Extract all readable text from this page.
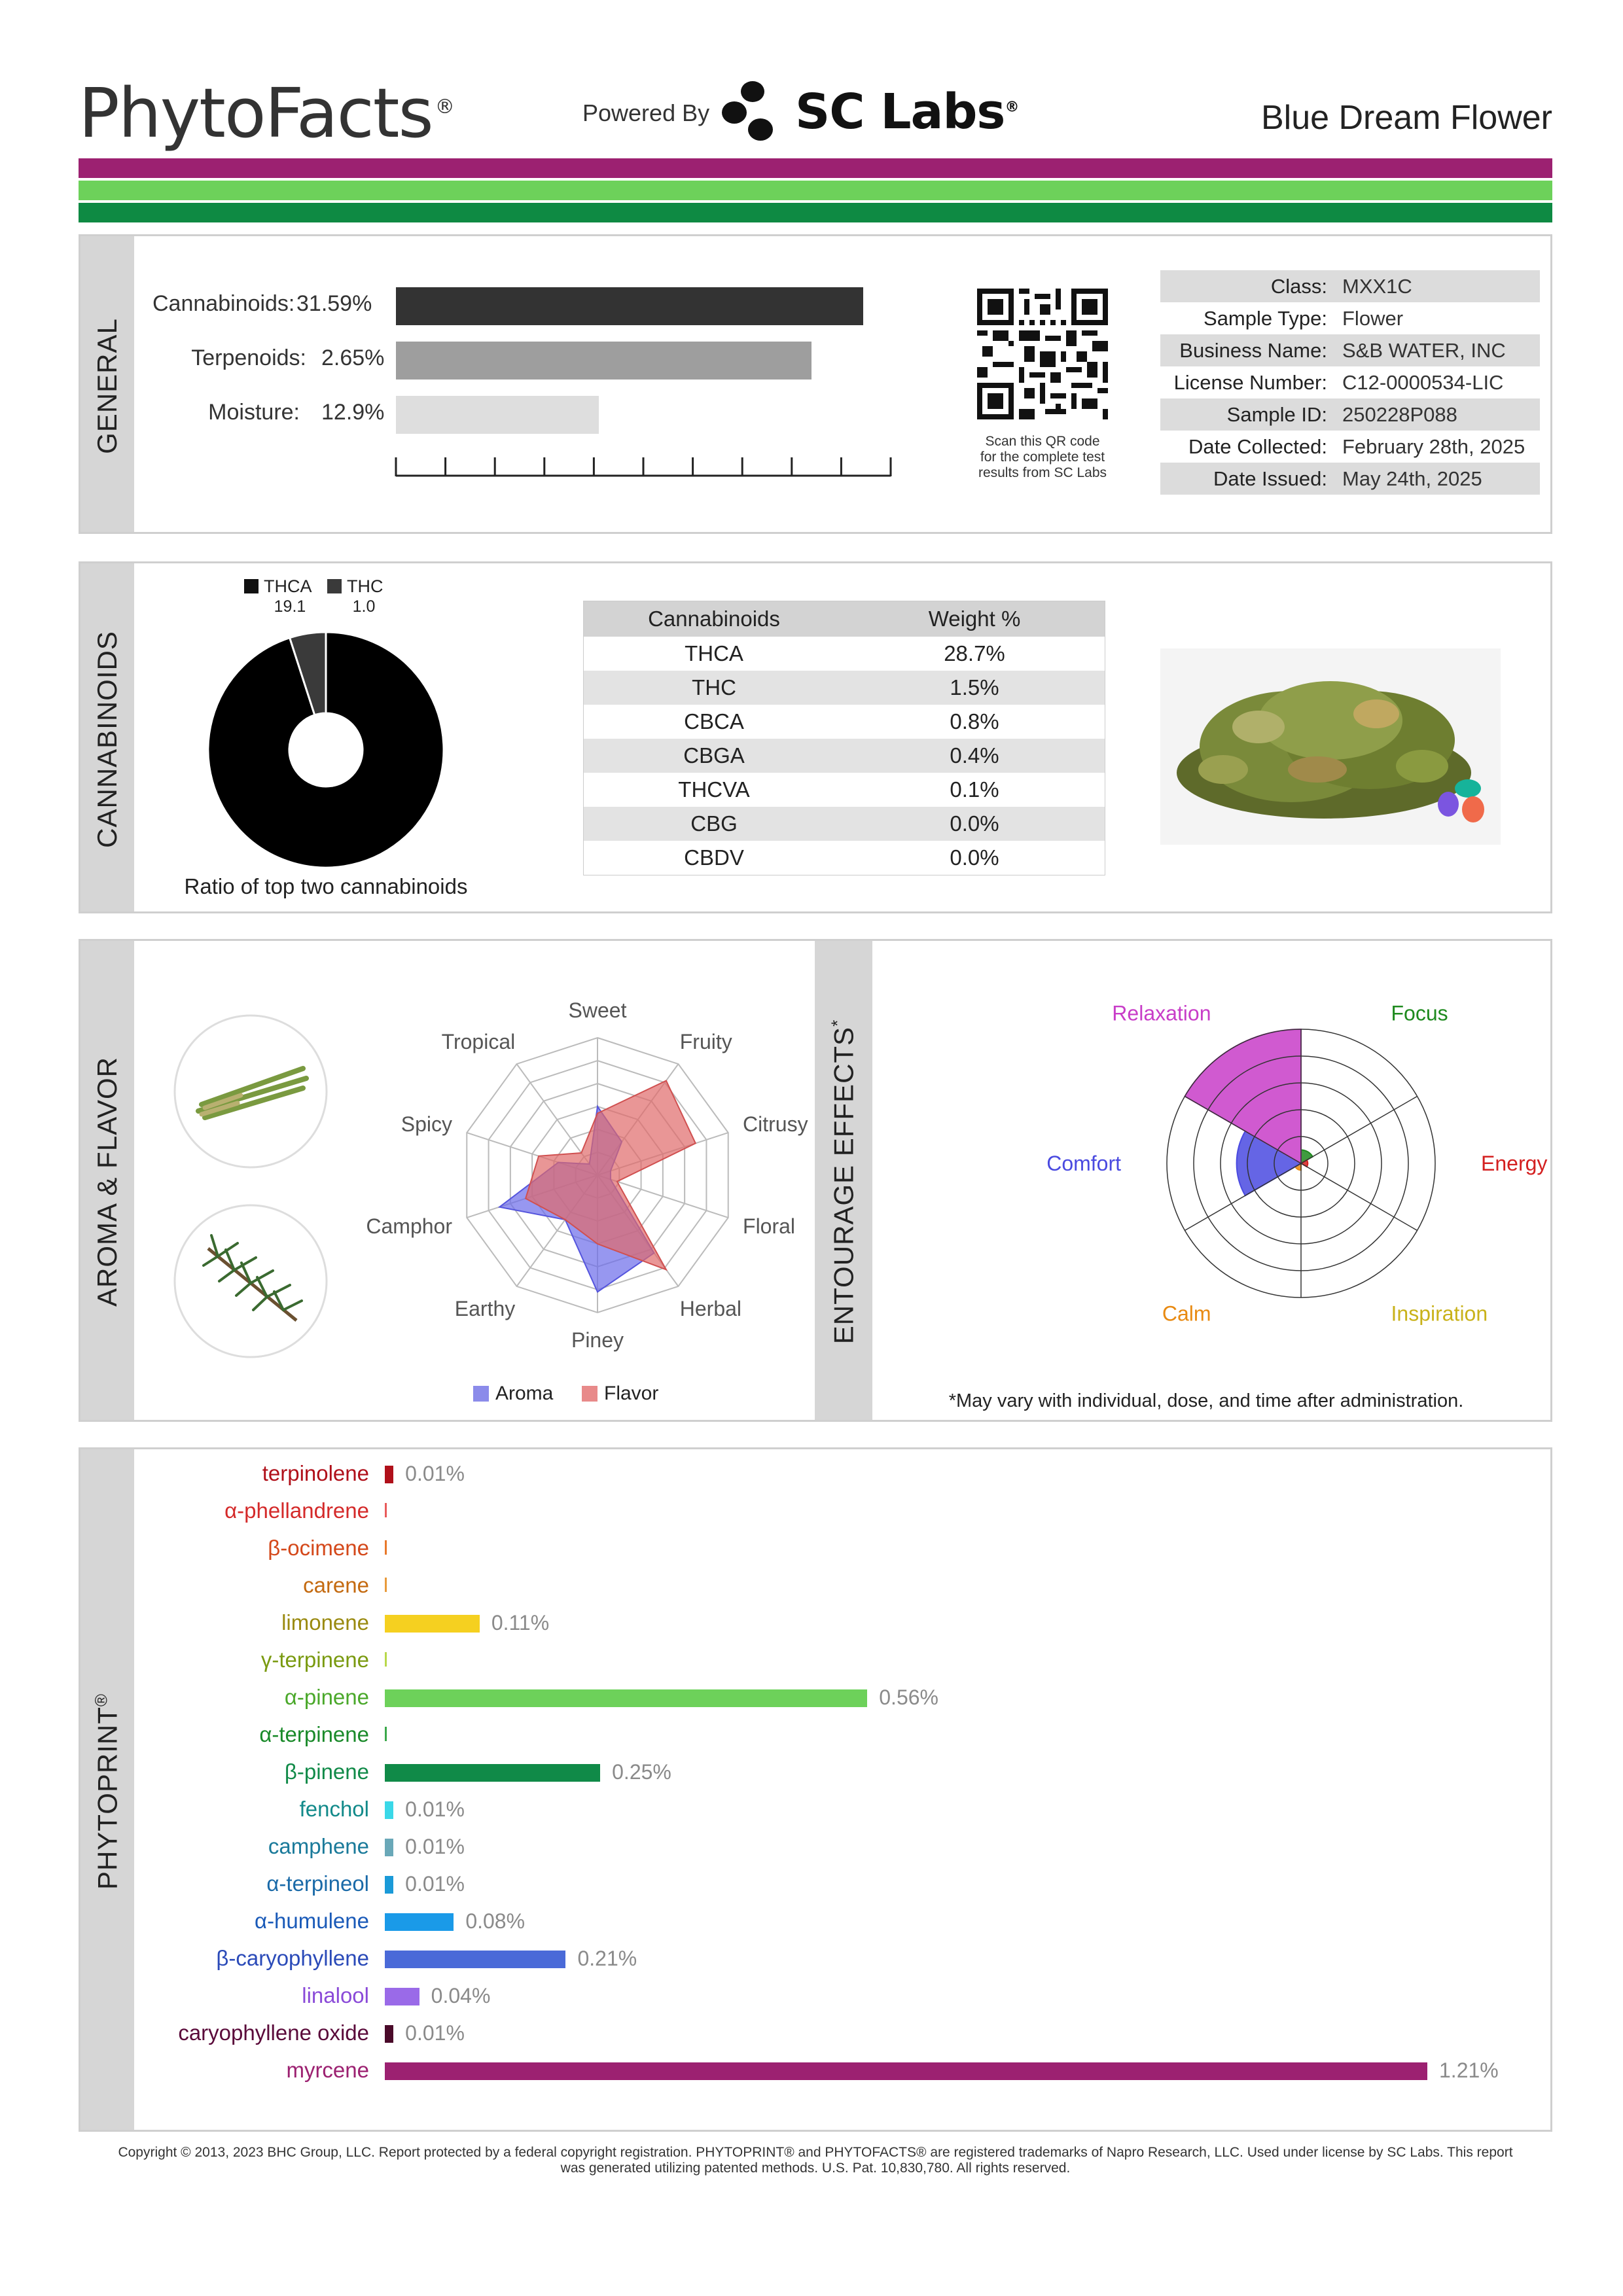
PhytoFacts ®	Powered By SC Labs®	Blue Dream Flower
GENERAL
Cannabinoids: 31.59%
Terpenoids: 2.65%
Moisture: 12.9%
Scan this QR code
for the complete test
results from SC Labs
Class: MXX1C
Sample Type: Flower
Business Name: S&B WATER, INC
License Number: C12-0000534-LIC
Sample ID: 250228P088
Date Collected: February 28th, 2025
Date Issued: May 24th, 2025
CANNABINOIDS
THCA
19.1
THC
1.0
Ratio of top two cannabinoids
Cannabinoids	Weight %
THCA	28.7%
THC	1.5%
CBCA	0.8%
CBGA	0.4%
THCVA	0.1%
CBG	0.0%
CBDV	0.0%
AROMA & FLAVOR	ENTOURAGE EFFECTS*
Sweet
Fruity
Citrusy
Floral
Herbal
Piney
Earthy
Camphor
Spicy
Tropical
Aroma	Flavor
Focus
Energy
Inspiration
Calm
Comfort
Relaxation
*May vary with individual, dose, and time after administration.
PHYTOPRINT®
terpinolene 0.01%
α-phellandrene
β-ocimene
carene
limonene	0.11%
γ-terpinene
α-pinene	0.56%
α-terpinene
β-pinene	0.25%
fenchol 0.01%
camphene 0.01%
α-terpineol 0.01%
α-humulene	0.08%
β-caryophyllene	0.21%
linalool	0.04%
caryophyllene oxide 0.01%
myrcene	1.21%
Copyright © 2013, 2023 BHC Group, LLC. Report protected by a federal copyright registration. PHYTOPRINT® and PHYTOFACTS® are registered trademarks of Napro Research, LLC. Used under license by SC Labs. This report
was generated utilizing patented methods. U.S. Pat. 10,830,780. All rights reserved.
